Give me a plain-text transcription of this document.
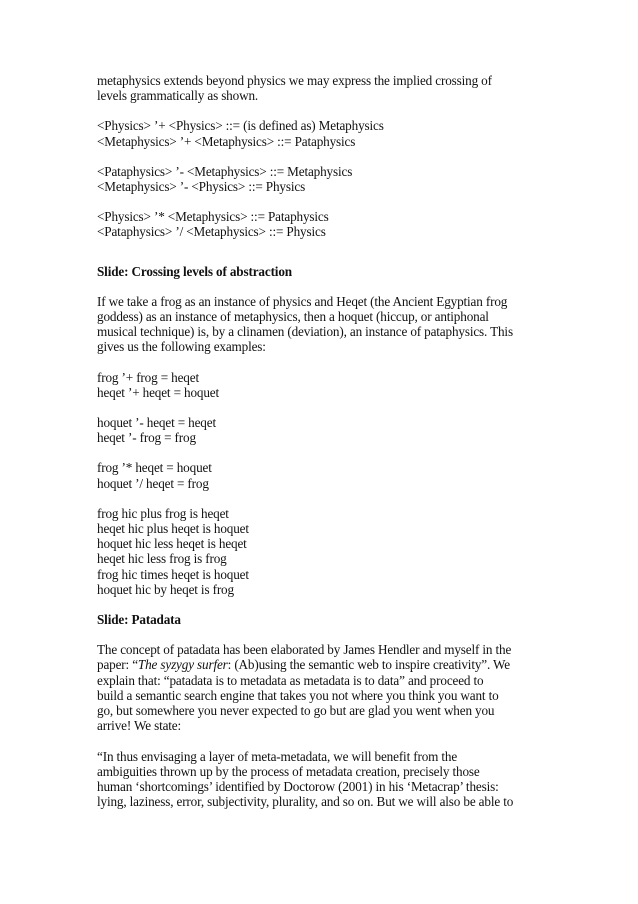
metaphysics extends beyond physics we may express the implied crossing of
levels grammatically as shown.
<Physics> ’+ <Physics> ::= (is defined as) Metaphysics
<Metaphysics> ’+ <Metaphysics> ::= Pataphysics
<Pataphysics> ’- <Metaphysics> ::= Metaphysics
<Metaphysics> ’- <Physics> ::= Physics
<Physics> ’* <Metaphysics> ::= Pataphysics
<Pataphysics> ’/ <Metaphysics> ::= Physics
Slide: Crossing levels of abstraction
If we take a frog as an instance of physics and Heqet (the Ancient Egyptian frog
goddess) as an instance of metaphysics, then a hoquet (hiccup, or antiphonal
musical technique) is, by a clinamen (deviation), an instance of pataphysics. This
gives us the following examples:
frog ’+ frog = heqet
heqet ’+ heqet = hoquet
hoquet ’- heqet = heqet
heqet ’- frog = frog
frog ’* heqet = hoquet
hoquet ’/ heqet = frog
frog hic plus frog is heqet
heqet hic plus heqet is hoquet
hoquet hic less heqet is heqet
heqet hic less frog is frog
frog hic times heqet is hoquet
hoquet hic by heqet is frog
Slide: Patadata
The concept of patadata has been elaborated by James Hendler and myself in the
paper: “The syzygy surfer: (Ab)using the semantic web to inspire creativity”. We
explain that: “patadata is to metadata as metadata is to data” and proceed to
build a semantic search engine that takes you not where you think you want to
go, but somewhere you never expected to go but are glad you went when you
arrive! We state:
“In thus envisaging a layer of meta-metadata, we will benefit from the
ambiguities thrown up by the process of metadata creation, precisely those
human ‘shortcomings’ identified by Doctorow (2001) in his ‘Metacrap’ thesis:
lying, laziness, error, subjectivity, plurality, and so on. But we will also be able to
